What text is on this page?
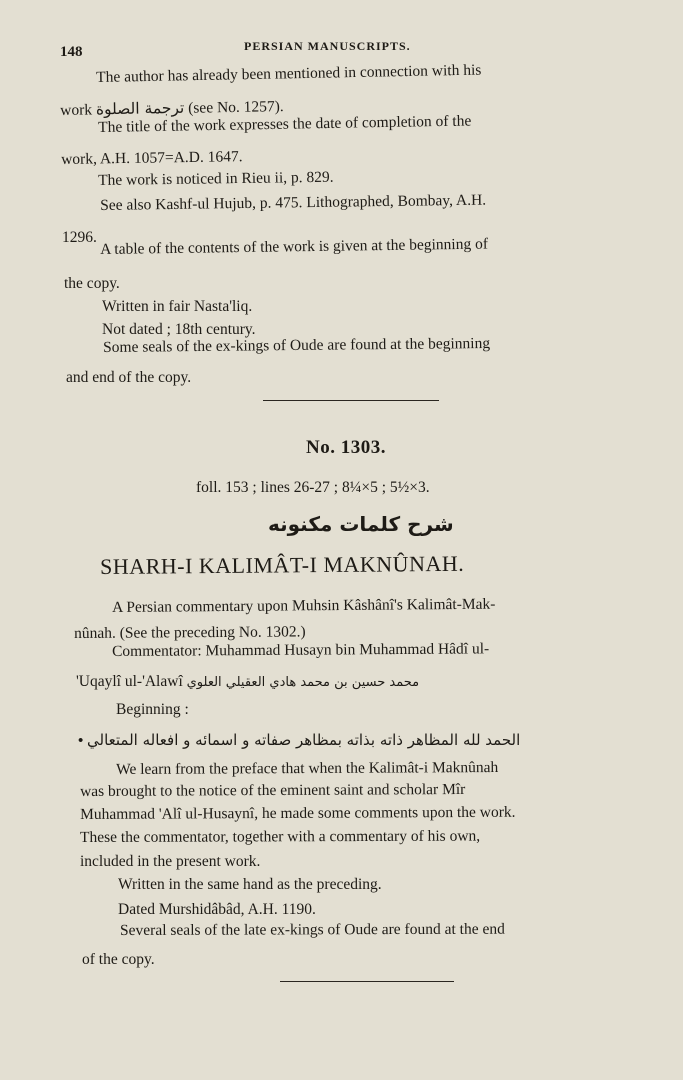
148	PERSIAN MANUSCRIPTS.
The author has already been mentioned in connection with his
work ترجمة الصلوة (see No. 1257).
The title of the work expresses the date of completion of the
work, A.H. 1057=A.D. 1647.
The work is noticed in Rieu ii, p. 829.
See also Kashf-ul Hujub, p. 475. Lithographed, Bombay, A.H.
1296. A table of the contents of the work is given at the beginning of
the copy.
Written in fair Nasta'liq.
Not dated ; 18th century.
Some seals of the ex-kings of Oude are found at the beginning
and end of the copy.
No. 1303.
foll. 153 ; lines 26-27 ; 8¼×5 ; 5½×3.
شرح كلمات مكنونه
SHARH-I KALIMÂT-I MAKNÛNAH.
A Persian commentary upon Muhsin Kâshânî's Kalimât-Mak-
nûnah. (See the preceding No. 1302.)
Commentator: Muhammad Husayn bin Muhammad Hâdî ul-
'Uqaylî ul-'Alawî محمد حسين بن محمد هادي العقيلي العلوي
Beginning :
• الحمد لله المظاهر ذاته بذاته بمظاهر صفاته و اسمائه و افعاله المتعالي
We learn from the preface that when the Kalimât-i Maknûnah
was brought to the notice of the eminent saint and scholar Mîr
Muhammad 'Alî ul-Husaynî, he made some comments upon the work.
These the commentator, together with a commentary of his own,
included in the present work.
Written in the same hand as the preceding.
Dated Murshidâbâd, A.H. 1190.
Several seals of the late ex-kings of Oude are found at the end
of the copy.
